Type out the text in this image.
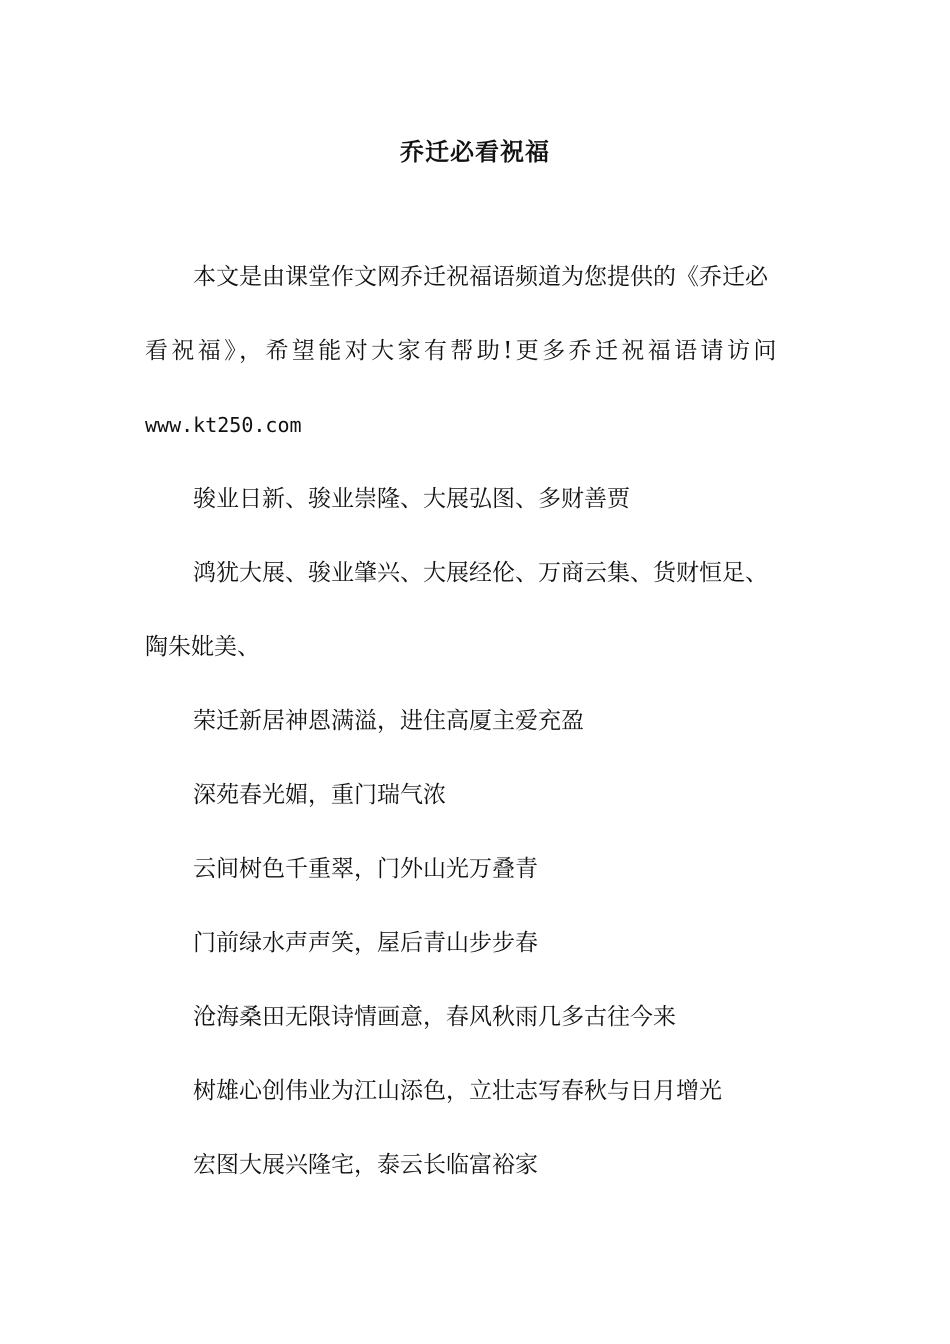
乔迁必看祝福
本文是由课堂作文网乔迁祝福语频道为您提供的《乔迁必
看祝福》，希望能对大家有帮助!更多乔迁祝福语请访问
www.kt250.com
骏业日新、骏业崇隆、大展弘图、多财善贾
鸿犹大展、骏业肇兴、大展经伦、万商云集、货财恒足、
陶朱妣美、
荣迁新居神恩满溢，进住高厦主爱充盈
深苑春光媚，重门瑞气浓
云间树色千重翠，门外山光万叠青
门前绿水声声笑，屋后青山步步春
沧海桑田无限诗情画意，春风秋雨几多古往今来
树雄心创伟业为江山添色，立壮志写春秋与日月增光
宏图大展兴隆宅，泰云长临富裕家
